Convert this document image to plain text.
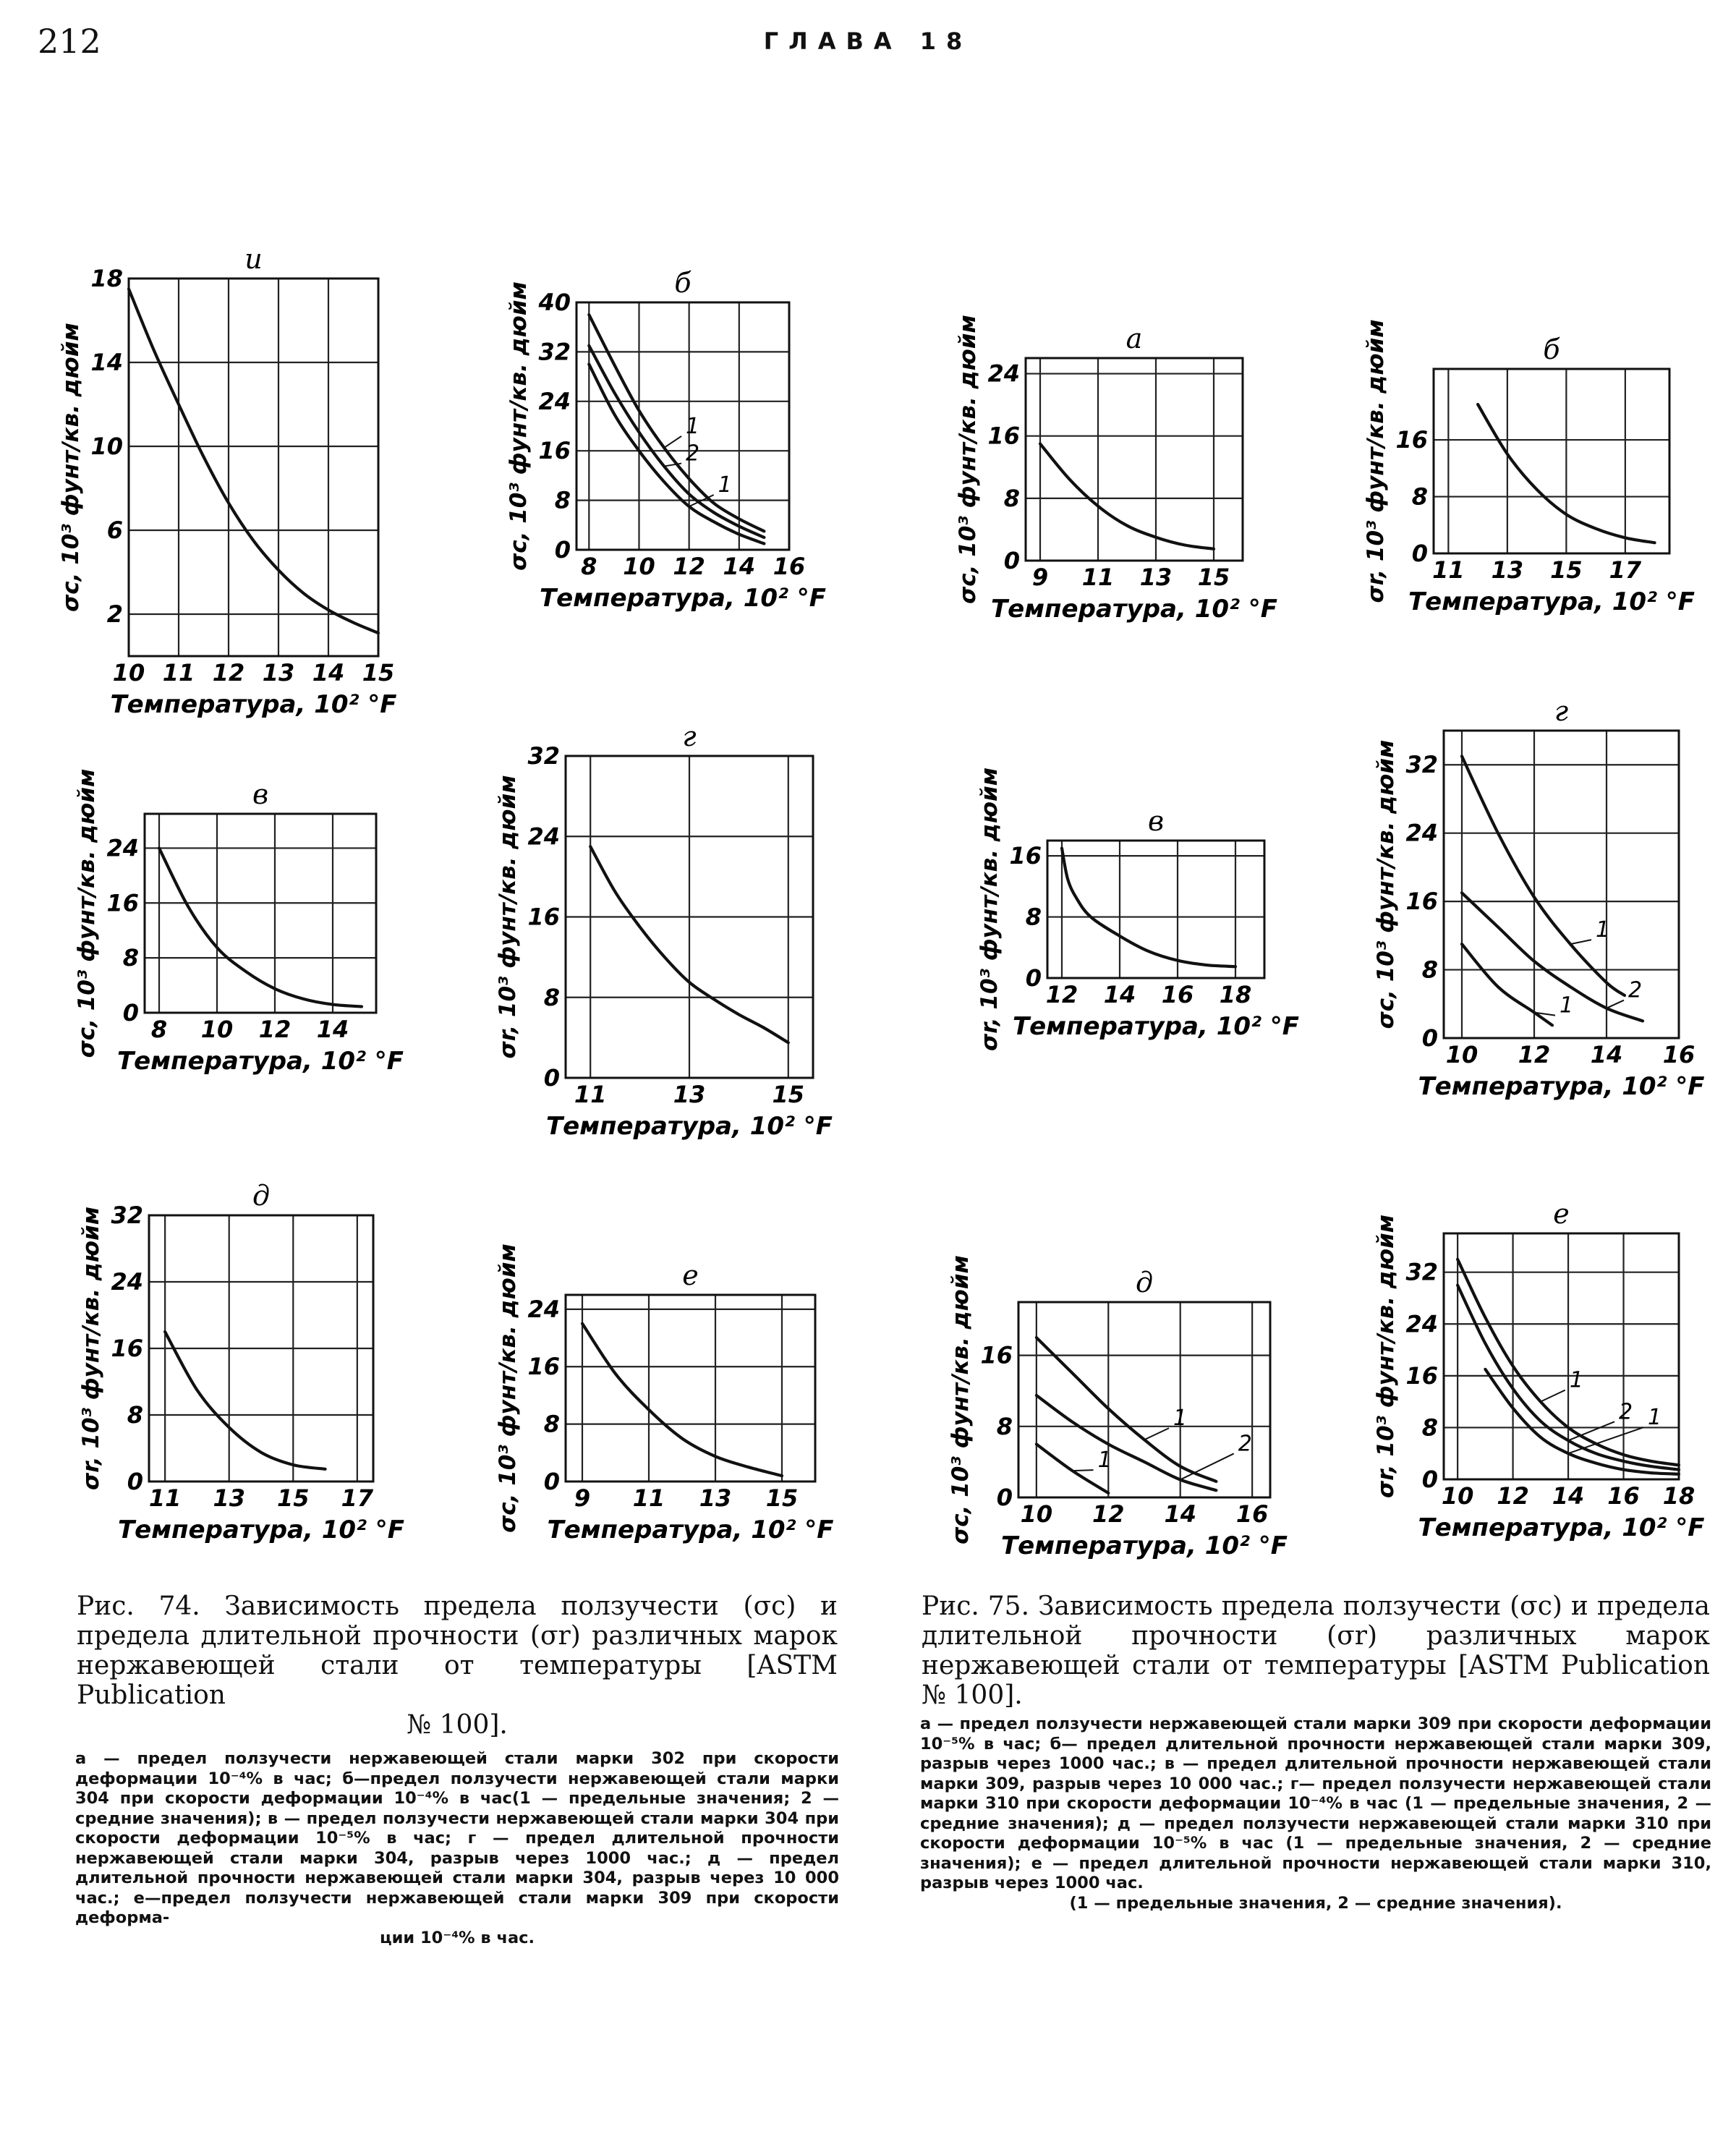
212	ГЛАВА 18
10 11 12 13 14 15
2
6
10
14
18
и
Температура, 10² °F
σc, 10³ фунт/кв. дюйм	8 10 12 14 16
0
8
16
24
32
40
б
Температура, 10² °F
σc, 10³ фунт/кв. дюйм	1
2
1
8 10 12 14
0
8
16
24
в
Температура, 10² °F
σc, 10³ фунт/кв. дюйм
11	13	15
0
8
16
24
32
г
Температура, 10² °F
σr, 10³ фунт/кв. дюйм
11 13 15 17
0
8
16
24
32
д
Температура, 10² °F
σr, 10³ фунт/кв. дюйм
9 11 13 15
0
8
16
24
е
Температура, 10² °F
σc, 10³ фунт/кв. дюйм
9 11 13 15
0
8
16
24
а
Температура, 10² °F
σc, 10³ фунт/кв. дюйм	11 13 15 17
0
8
16
б
Температура, 10² °F
σr, 10³ фунт/кв. дюйм
12 14 16 18
0
8
16
в
Температура, 10² °F
σr, 10³ фунт/кв. дюйм
10 12 14 16
0
8
16
24
32
г
Температура, 10² °F
σc, 10³ фунт/кв. дюйм	1
2
1
10 12 14 16
0
8
16
д
Температура, 10² °F
σc, 10³ фунт/кв. дюйм	1
2
1
10 12 14 16 18
0
8
16
24
32
е
Температура, 10² °F
σr, 10³ фунт/кв. дюйм	1
2 1
Рис. 74. Зависимость предела ползучести (σс) и предела длительной прочности (σr) различных марок нержавеющей стали от температуры [ASTM Publication
№ 100].
а — предел ползучести нержавеющей стали марки 302 при скорости деформации 10⁻⁴% в час; б—предел ползучести нержавеющей стали марки 304 при скорости деформации 10⁻⁴% в час(1 — предельные значения; 2 — средние значения); в — предел ползучести нержавеющей стали марки 304 при скорости деформации 10⁻⁵% в час; г — предел длительной прочности нержавеющей стали марки 304, разрыв через 1000 час.; д — предел длительной прочности нержавеющей стали марки 304, разрыв через 10 000 час.; е—предел ползучести нержавеющей стали марки 309 при скорости деформа-
ции 10⁻⁴% в час.
Рис. 75. Зависимость предела ползучести (σс) и предела длительной прочности (σr) различных марок нержавеющей стали от температуры [ASTM Publication № 100].
а — предел ползучести нержавеющей стали марки 309 при скорости деформации 10⁻⁵% в час; б— предел длительной прочности нержавеющей стали марки 309, разрыв через 1000 час.; в — предел длительной прочности нержавеющей стали марки 309, разрыв через 10 000 час.; г— предел ползучести нержавеющей стали марки 310 при скорости деформации 10⁻⁴% в час (1 — предельные значения, 2 — средние значения); д — предел ползучести нержавеющей стали марки 310 при скорости деформации 10⁻⁵% в час (1 — предельные значения, 2 — средние значения); е — предел длительной прочности нержавеющей стали марки 310, разрыв через 1000 час.
(1 — предельные значения, 2 — средние значения).
